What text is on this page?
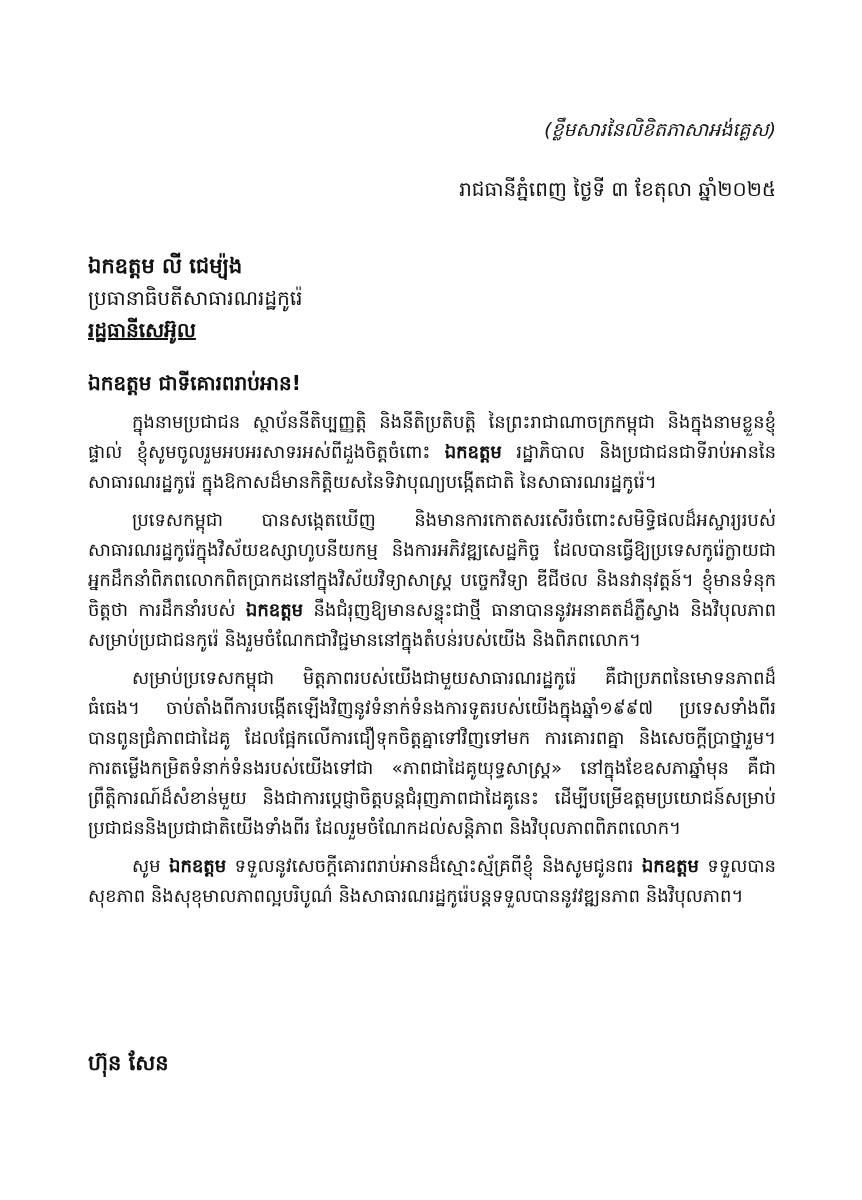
(ខ្លឹមសារនៃលិខិតភាសាអង់គ្លេស)
រាជធានីភ្នំពេញ ថ្ងៃទី ៣ ខែតុលា ឆ្នាំ២០២៥
ឯកឧត្តម លី ជេម្យ៉ុង
ប្រធានាធិបតីសាធារណរដ្ឋកូរ៉េ
រដ្ឋធានីសេអ៊ូល
ឯកឧត្តម ជាទីគោរពរាប់អាន!

ក្នុងនាមប្រជាជន ស្ថាប័ននីតិប្បញ្ញត្តិ និងនីតិប្រតិបត្តិ នៃព្រះរាជាណាចក្រកម្ពុជា និងក្នុងនាមខ្លួនខ្ញុំផ្ទាល់ ខ្ញុំសូមចូលរួមអបអរសាទរអស់ពីដួងចិត្តចំពោះ ឯកឧត្តម រដ្ឋាភិបាល និងប្រជាជនជាទីរាប់អាននៃសាធារណរដ្ឋកូរ៉េ ក្នុងឱកាសដ៏មានកិត្តិយសនៃទិវាបុណ្យបង្កើតជាតិ នៃសាធារណរដ្ឋកូរ៉េ។

ប្រទេសកម្ពុជា បានសង្កេតឃើញ និងមានការកោតសរសើរចំពោះសមិទ្ធិផលដ៏អស្ចារ្យរបស់សាធារណរដ្ឋកូរ៉េក្នុងវិស័យឧស្សាហូបនីយកម្ម និងការអភិវឌ្ឍសេដ្ឋកិច្ច ដែលបានធ្វើឱ្យប្រទេសកូរ៉េក្លាយជាអ្នកដឹកនាំពិភពលោកពិតប្រាកដនៅក្នុងវិស័យវិទ្យាសាស្ត្រ បច្ចេកវិទ្យា ឌីជីថល និងនវានុវត្តន៍។ ខ្ញុំមានទំនុកចិត្តថា ការដឹកនាំរបស់ ឯកឧត្តម នឹងជំរុញឱ្យមានសន្ទុះជាថ្មី ធានាបាននូវអនាគតដ៏ភ្លឺស្វាង និងវិបុលភាពសម្រាប់ប្រជាជនកូរ៉េ និងរួមចំណែកជាវិជ្ជមាននៅក្នុងតំបន់របស់យើង និងពិភពលោក។

សម្រាប់ប្រទេសកម្ពុជា មិត្តភាពរបស់យើងជាមួយសាធារណរដ្ឋកូរ៉េ គឺជាប្រភពនៃមោទនភាពដ៏ធំធេង។ ចាប់តាំងពីការបង្កើតឡើងវិញនូវទំនាក់ទំនងការទូតរបស់យើងក្នុងឆ្នាំ១៩៩៧ ប្រទេសទាំងពីរបានពូនជ្រំភាពជាដៃគូ ដែលផ្អែកលើការជឿទុកចិត្តគ្នាទៅវិញទៅមក ការគោរពគ្នា និងសេចក្តីប្រាថ្នារួម។ ការតម្លើងកម្រិតទំនាក់ទំនងរបស់យើងទៅជា «ភាពជាដៃគូយុទ្ធសាស្ត្រ» នៅក្នុងខែឧសភាឆ្នាំមុន គឺជាព្រឹត្តិការណ៍ដ៏សំខាន់មួយ និងជាការប្តេជ្ញាចិត្តបន្តជំរុញភាពជាដៃគូនេះ ដើម្បីបម្រើឧត្តមប្រយោជន៍សម្រាប់ប្រជាជននិងប្រជាជាតិយើងទាំងពីរ ដែលរួមចំណែកដល់សន្តិភាព និងវិបុលភាពពិភពលោក។

សូម ឯកឧត្តម ទទួលនូវសេចក្តីគោរពរាប់អានដ៏ស្មោះស្ម័គ្រពីខ្ញុំ និងសូមជូនពរ ឯកឧត្តម ទទួលបានសុខភាព និងសុខុមាលភាពល្អបរិបូណ៌ និងសាធារណរដ្ឋកូរ៉េបន្តទទួលបាននូវវឌ្ឍនភាព និងវិបុលភាព។

ហ៊ុន សែន
